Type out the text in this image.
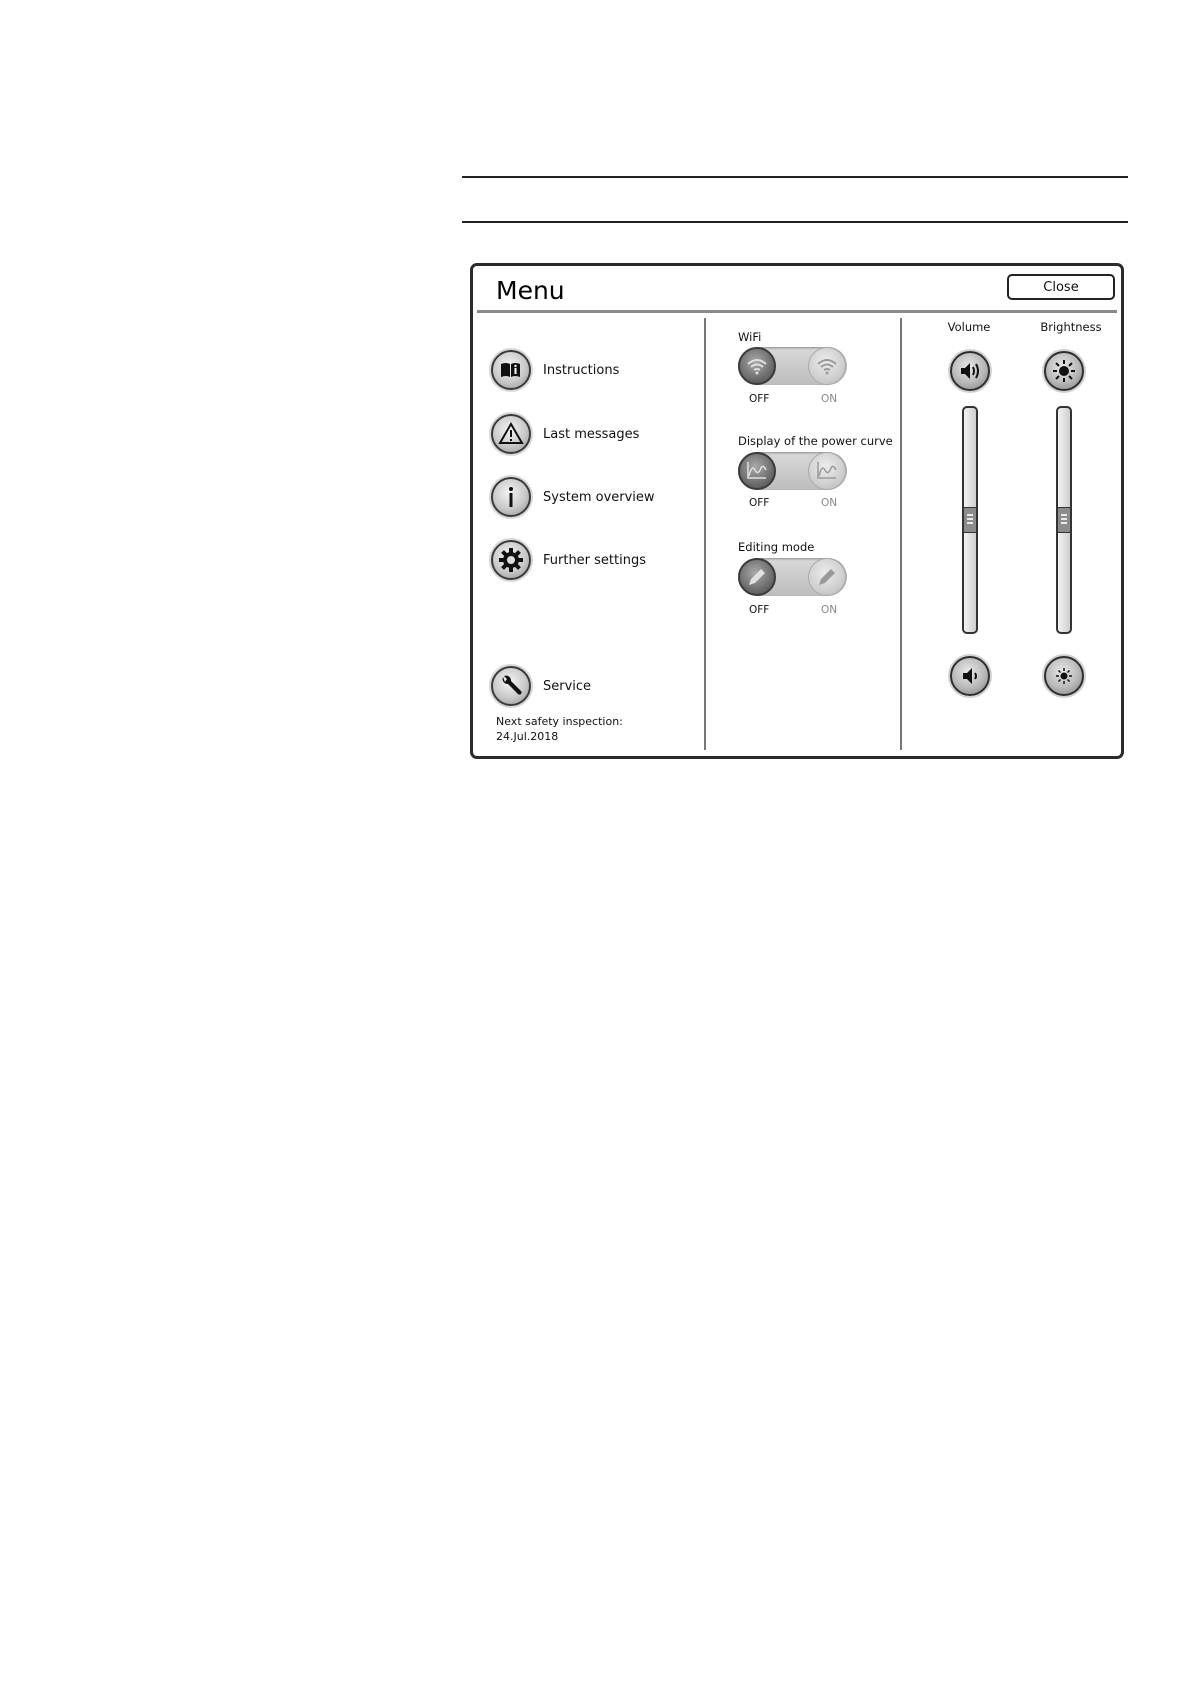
Menu	Close
Instructions
Last messages
System overview
Further settings
Service
Next safety inspection:
24.Jul.2018
WiFi
OFF	ON
Display of the power curve
OFF	ON
Editing mode
OFF	ON
Volume	Brightness
